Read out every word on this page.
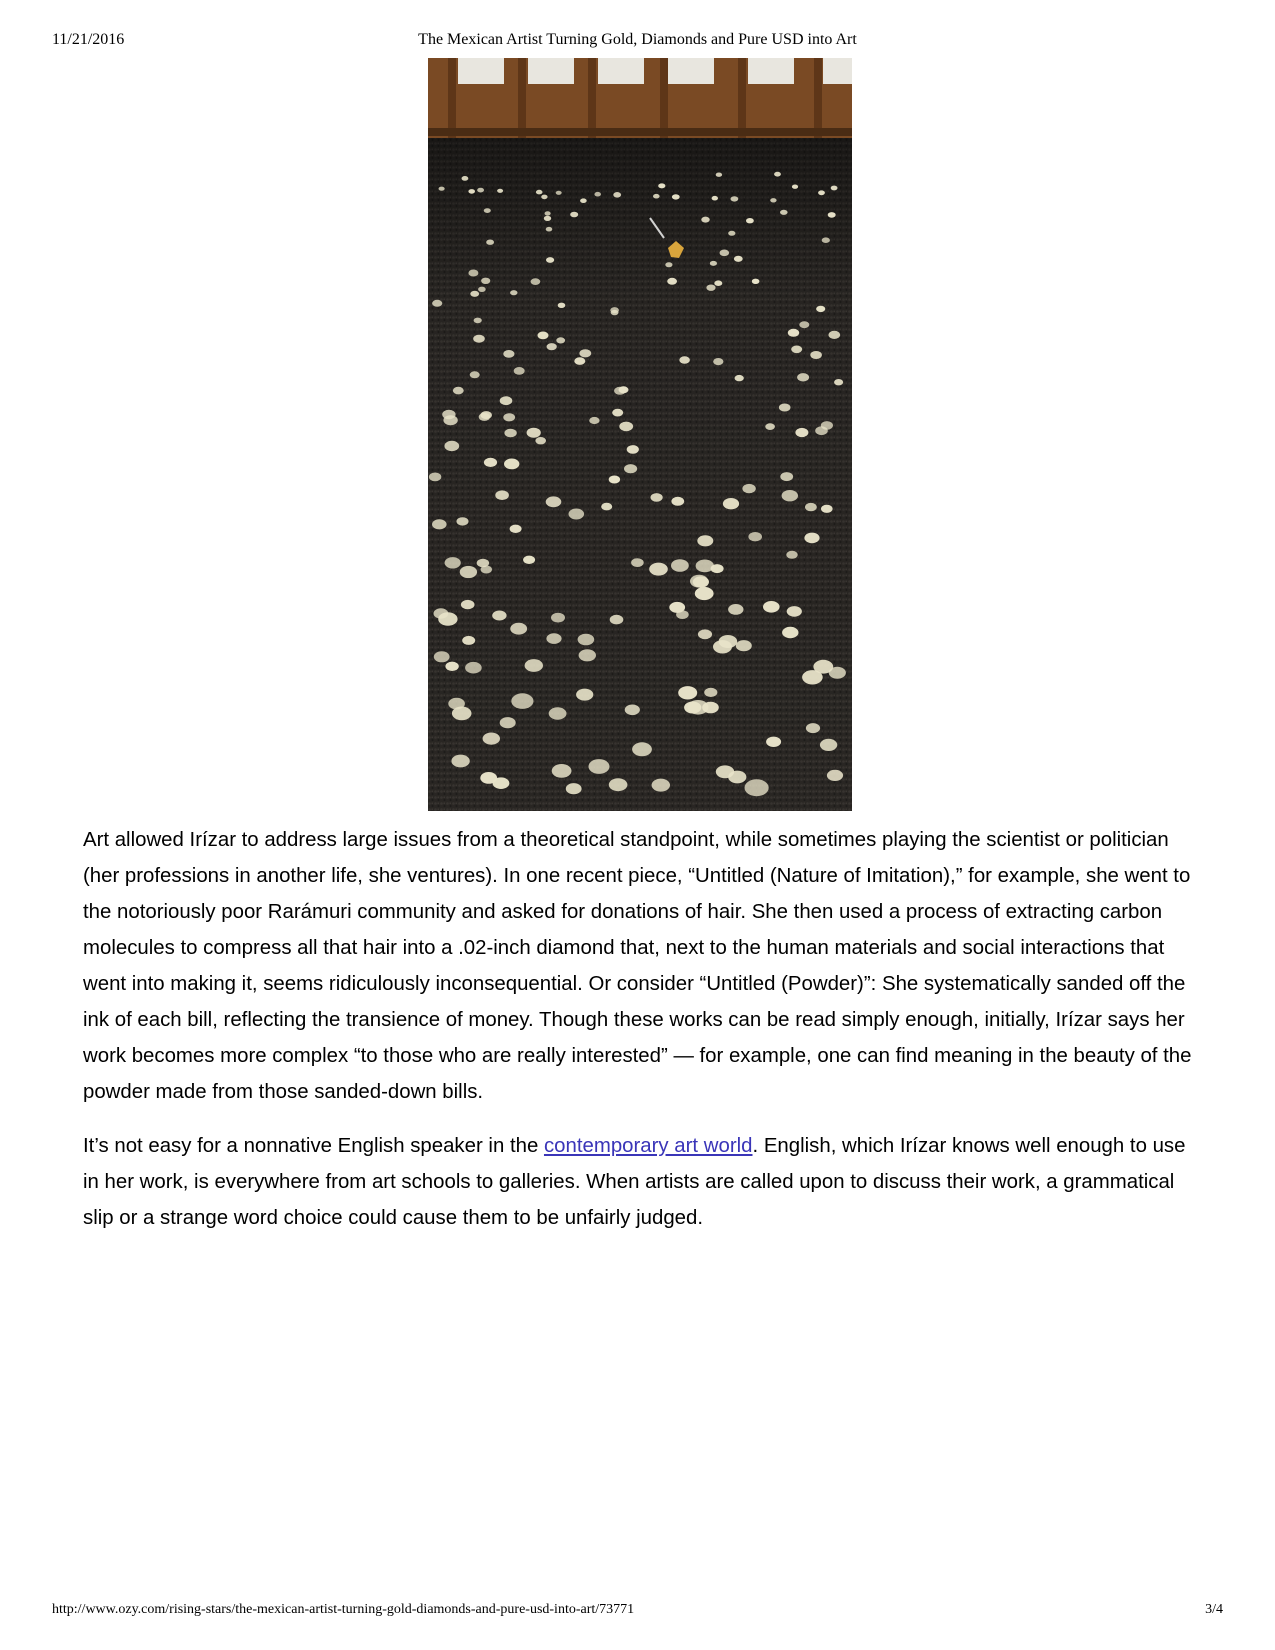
11/21/2016	The Mexican Artist Turning Gold, Diamonds and Pure USD into Art

Art allowed Irízar to address large issues from a theoretical standpoint, while sometimes playing the scientist or politician (her professions in another life, she ventures). In one recent piece, “Untitled (Nature of Imitation),” for example, she went to the notoriously poor Rarámuri community and asked for donations of hair. She then used a process of extracting carbon molecules to compress all that hair into a .02-inch diamond that, next to the human materials and social interactions that went into making it, seems ridiculously inconsequential. Or consider “Untitled (Powder)”: She systematically sanded off the ink of each bill, reflecting the transience of money. Though these works can be read simply enough, initially, Irízar says her work becomes more complex “to those who are really interested” — for example, one can find meaning in the beauty of the powder made from those sanded-down bills.

It’s not easy for a nonnative English speaker in the contemporary art world. English, which Irízar knows well enough to use in her work, is everywhere from art schools to galleries. When artists are called upon to discuss their work, a grammatical slip or a strange word choice could cause them to be unfairly judged.

http://www.ozy.com/rising-stars/the-mexican-artist-turning-gold-diamonds-and-pure-usd-into-art/73771	3/4
